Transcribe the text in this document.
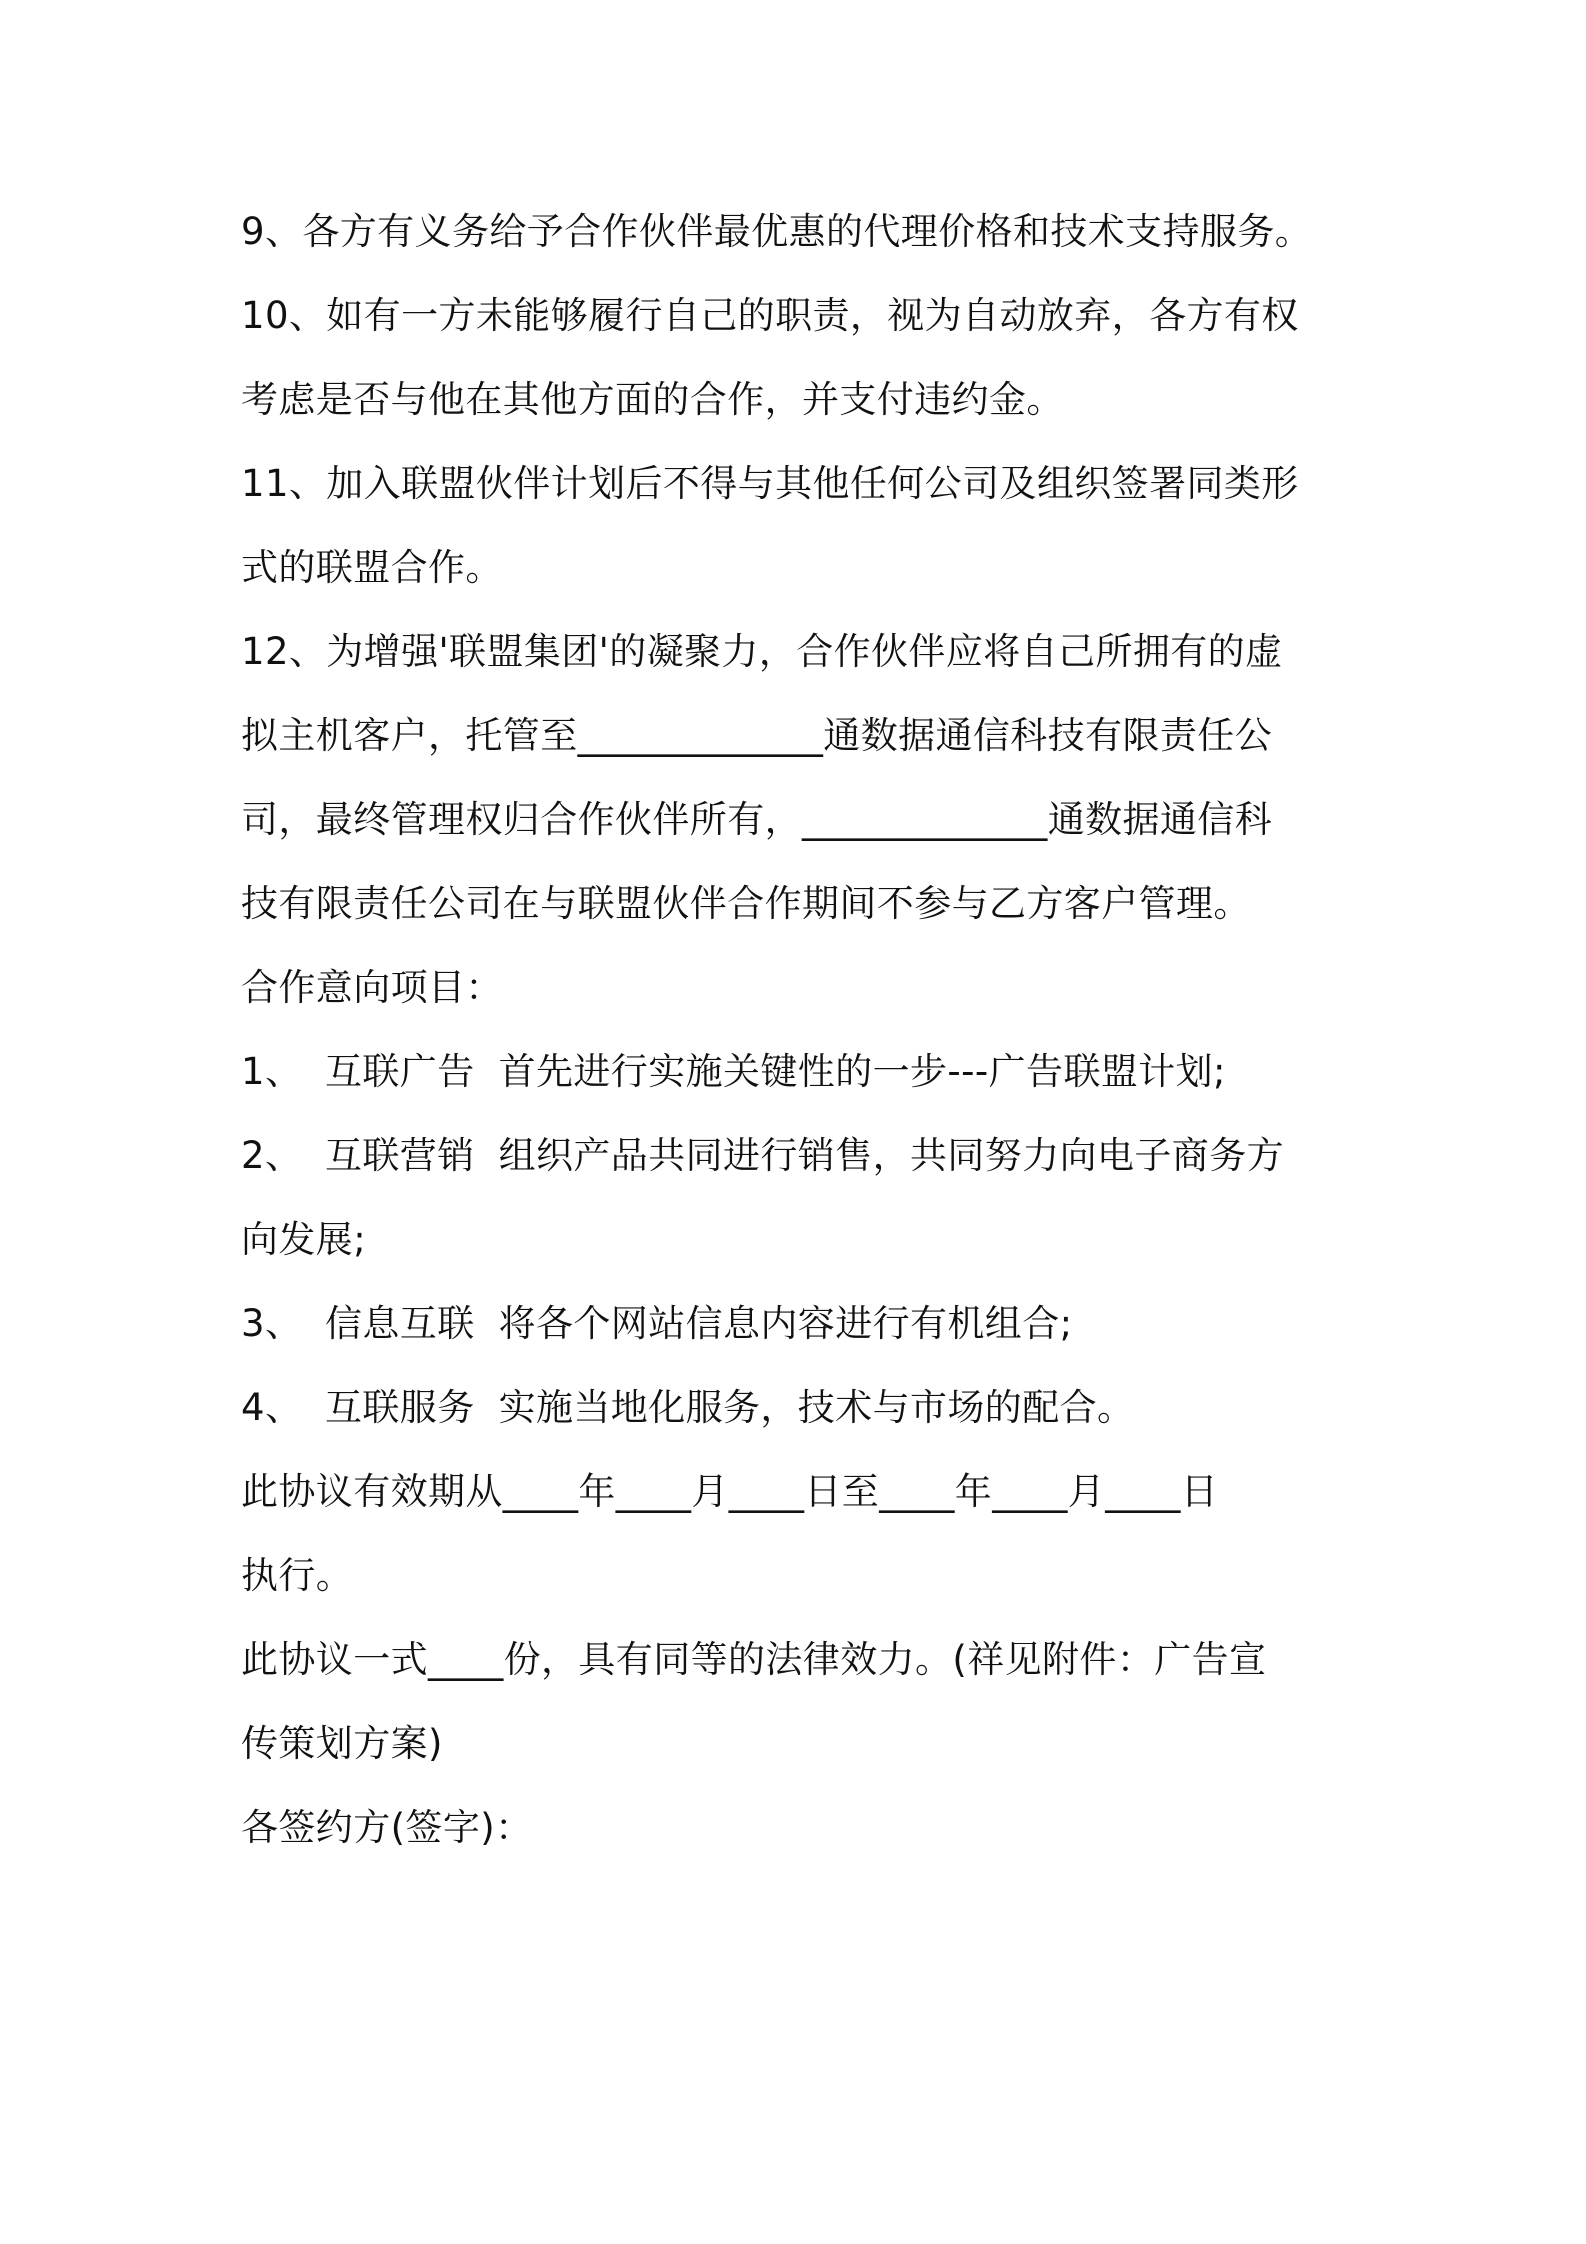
9、各方有义务给予合作伙伴最优惠的代理价格和技术支持服务。
10、如有一方未能够履行自己的职责，视为自动放弃，各方有权
考虑是否与他在其他方面的合作，并支付违约金。
11、加入联盟伙伴计划后不得与其他任何公司及组织签署同类形
式的联盟合作。
12、为增强'联盟集团'的凝聚力，合作伙伴应将自己所拥有的虚
拟主机客户，托管至_____________通数据通信科技有限责任公
司，最终管理权归合作伙伴所有，_____________通数据通信科
技有限责任公司在与联盟伙伴合作期间不参与乙方客户管理。
合作意向项目：
1、 互联广告 首先进行实施关键性的一步---广告联盟计划;
2、 互联营销 组织产品共同进行销售，共同努力向电子商务方
向发展;
3、 信息互联 将各个网站信息内容进行有机组合;
4、 互联服务 实施当地化服务，技术与市场的配合。
此协议有效期从____年____月____日至____年____月____日
执行。
此协议一式____份，具有同等的法律效力。(祥见附件：广告宣
传策划方案)
各签约方(签字)：
